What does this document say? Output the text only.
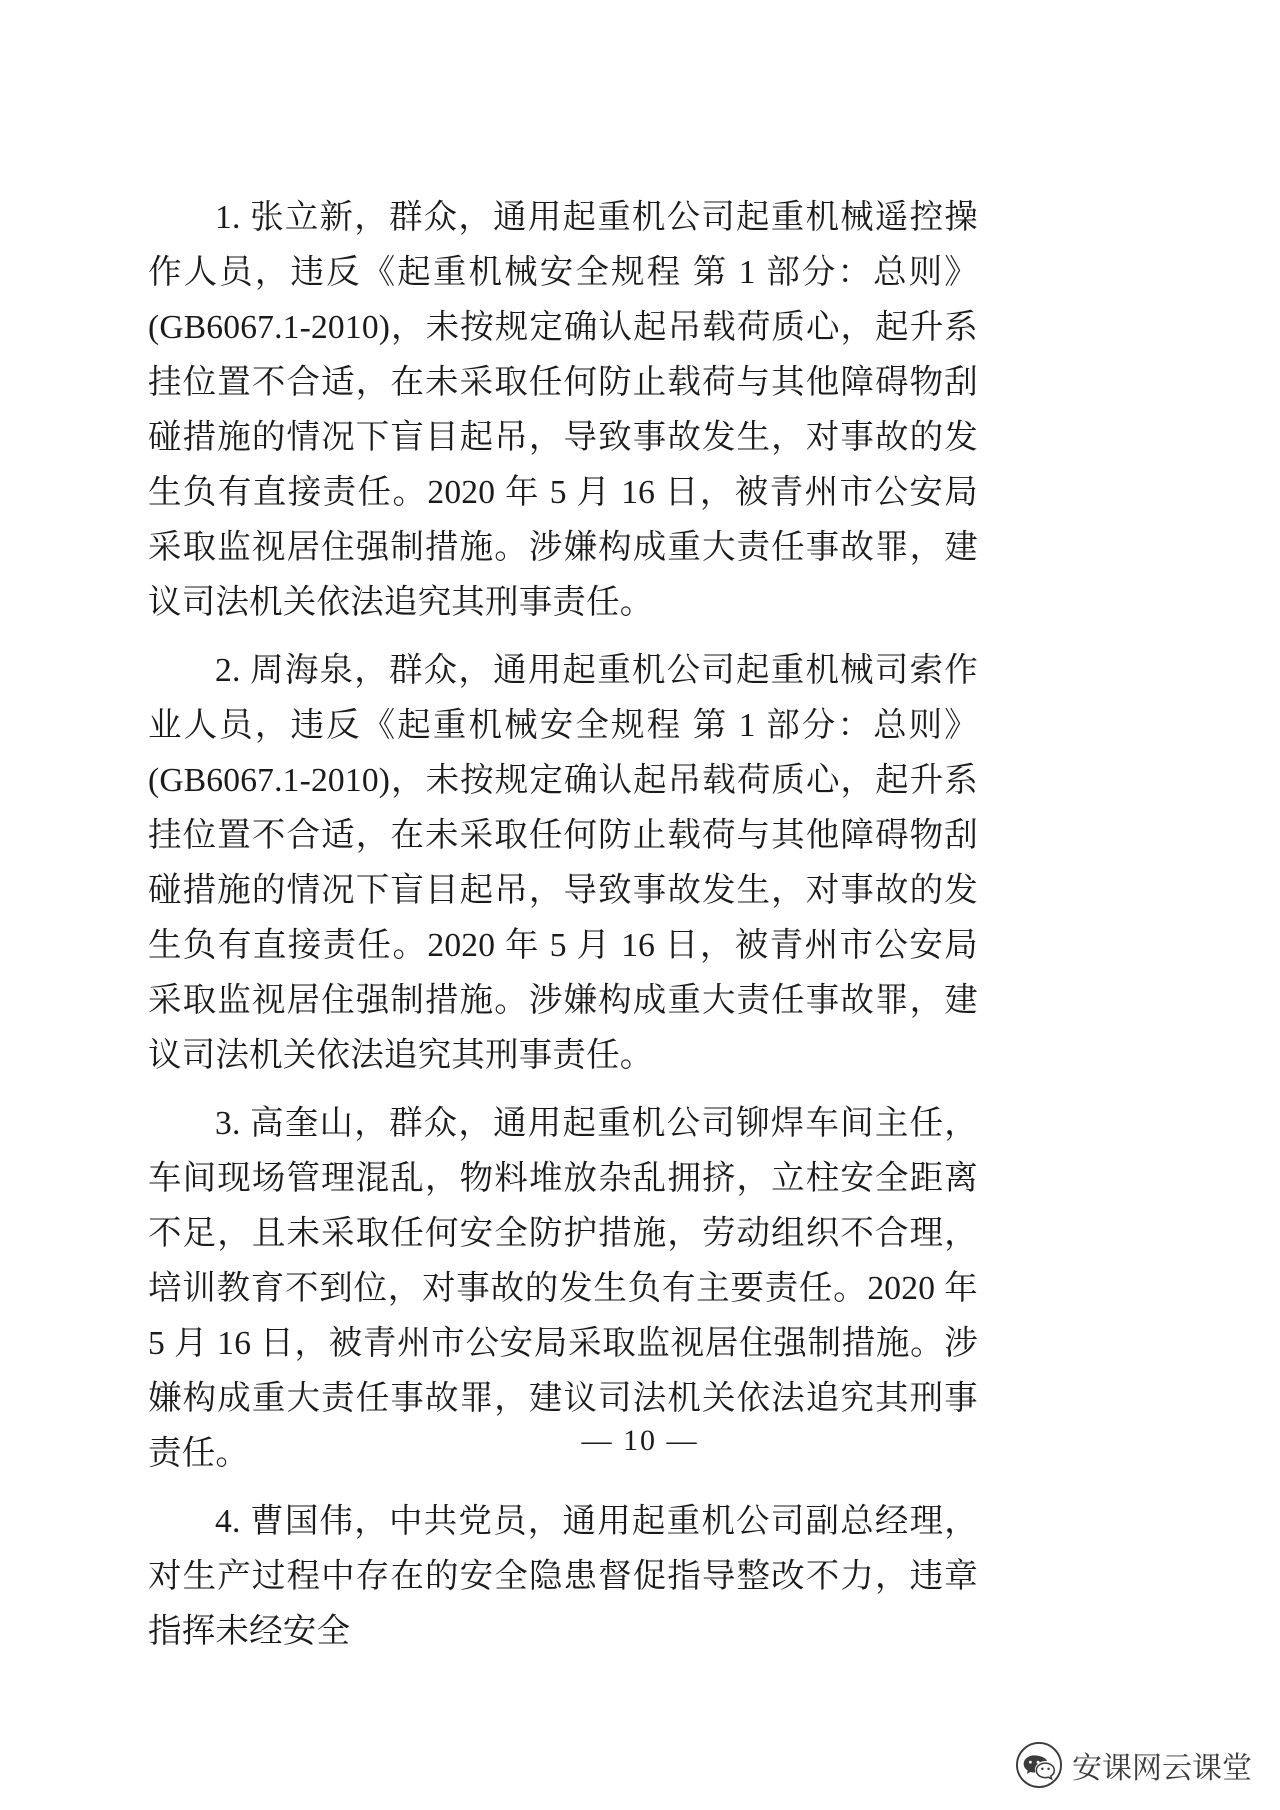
1. 张立新，群众，通用起重机公司起重机械遥控操作人员，违反《起重机械安全规程 第 1 部分：总则》(GB6067.1-2010)，未按规定确认起吊载荷质心，起升系挂位置不合适，在未采取任何防止载荷与其他障碍物刮碰措施的情况下盲目起吊，导致事故发生，对事故的发生负有直接责任。2020 年 5 月 16 日，被青州市公安局采取监视居住强制措施。涉嫌构成重大责任事故罪，建议司法机关依法追究其刑事责任。

2. 周海泉，群众，通用起重机公司起重机械司索作业人员，违反《起重机械安全规程 第 1 部分：总则》(GB6067.1-2010)，未按规定确认起吊载荷质心，起升系挂位置不合适，在未采取任何防止载荷与其他障碍物刮碰措施的情况下盲目起吊，导致事故发生，对事故的发生负有直接责任。2020 年 5 月 16 日，被青州市公安局采取监视居住强制措施。涉嫌构成重大责任事故罪，建议司法机关依法追究其刑事责任。

3. 高奎山，群众，通用起重机公司铆焊车间主任，车间现场管理混乱，物料堆放杂乱拥挤，立柱安全距离不足，且未采取任何安全防护措施，劳动组织不合理，培训教育不到位，对事故的发生负有主要责任。2020 年 5 月 16 日，被青州市公安局采取监视居住强制措施。涉嫌构成重大责任事故罪，建议司法机关依法追究其刑事责任。

4. 曹国伟，中共党员，通用起重机公司副总经理，对生产过程中存在的安全隐患督促指导整改不力，违章指挥未经安全

— 10 —
安课网云课堂
